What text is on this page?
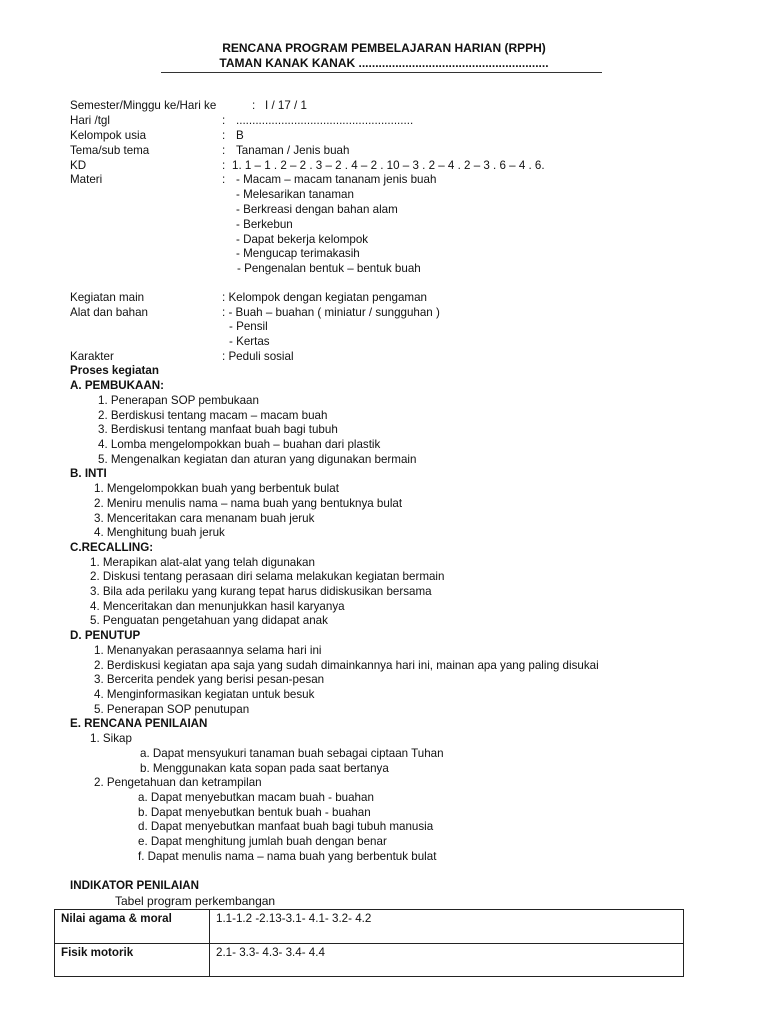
RENCANA PROGRAM PEMBELAJARAN HARIAN (RPPH)
TAMAN KANAK KANAK .........................................................
Semester/Minggu ke/Hari ke	: I / 17 / 1
Hari /tgl	: .......................................................
Kelompok usia	: B
Tema/sub tema	: Tanaman / Jenis buah
KD	: 1. 1 – 1 . 2 – 2 . 3 – 2 . 4 – 2 . 10 – 3 . 2 – 4 . 2 – 3 . 6 – 4 . 6.
Materi	: - Macam – macam tananam jenis buah
- Melesarikan tanaman
- Berkreasi dengan bahan alam
- Berkebun
- Dapat bekerja kelompok
- Mengucap terimakasih
- Pengenalan bentuk – bentuk buah
Kegiatan main	: Kelompok dengan kegiatan pengaman
Alat dan bahan	: - Buah – buahan ( miniatur / sungguhan )
- Pensil
- Kertas
Karakter	: Peduli sosial
Proses kegiatan
A. PEMBUKAAN:
1. Penerapan SOP pembukaan
2. Berdiskusi tentang macam – macam buah
3. Berdiskusi tentang manfaat buah bagi tubuh
4. Lomba mengelompokkan buah – buahan dari plastik
5. Mengenalkan kegiatan dan aturan yang digunakan bermain
B. INTI
1. Mengelompokkan buah yang berbentuk bulat
2. Meniru menulis nama – nama buah yang bentuknya bulat
3. Menceritakan cara menanam buah jeruk
4. Menghitung buah jeruk
C.RECALLING:
1. Merapikan alat-alat yang telah digunakan
2. Diskusi tentang perasaan diri selama melakukan kegiatan bermain
3. Bila ada perilaku yang kurang tepat harus didiskusikan bersama
4. Menceritakan dan menunjukkan hasil karyanya
5. Penguatan pengetahuan yang didapat anak
D. PENUTUP
1. Menanyakan perasaannya selama hari ini
2. Berdiskusi kegiatan apa saja yang sudah dimainkannya hari ini, mainan apa yang paling disukai
3. Bercerita pendek yang berisi pesan-pesan
4. Menginformasikan kegiatan untuk besuk
5. Penerapan SOP penutupan
E. RENCANA PENILAIAN
1. Sikap
a. Dapat mensyukuri tanaman buah sebagai ciptaan Tuhan
b. Menggunakan kata sopan pada saat bertanya
2. Pengetahuan dan ketrampilan
a. Dapat menyebutkan macam buah - buahan
b. Dapat menyebutkan bentuk buah - buahan
d. Dapat menyebutkan manfaat buah bagi tubuh manusia
e. Dapat menghitung jumlah buah dengan benar
f. Dapat menulis nama – nama buah yang berbentuk bulat
INDIKATOR PENILAIAN
Tabel program perkembangan
Nilai agama & moral	1.1-1.2 -2.13-3.1- 4.1- 3.2- 4.2
Fisik motorik	2.1- 3.3- 4.3- 3.4- 4.4
